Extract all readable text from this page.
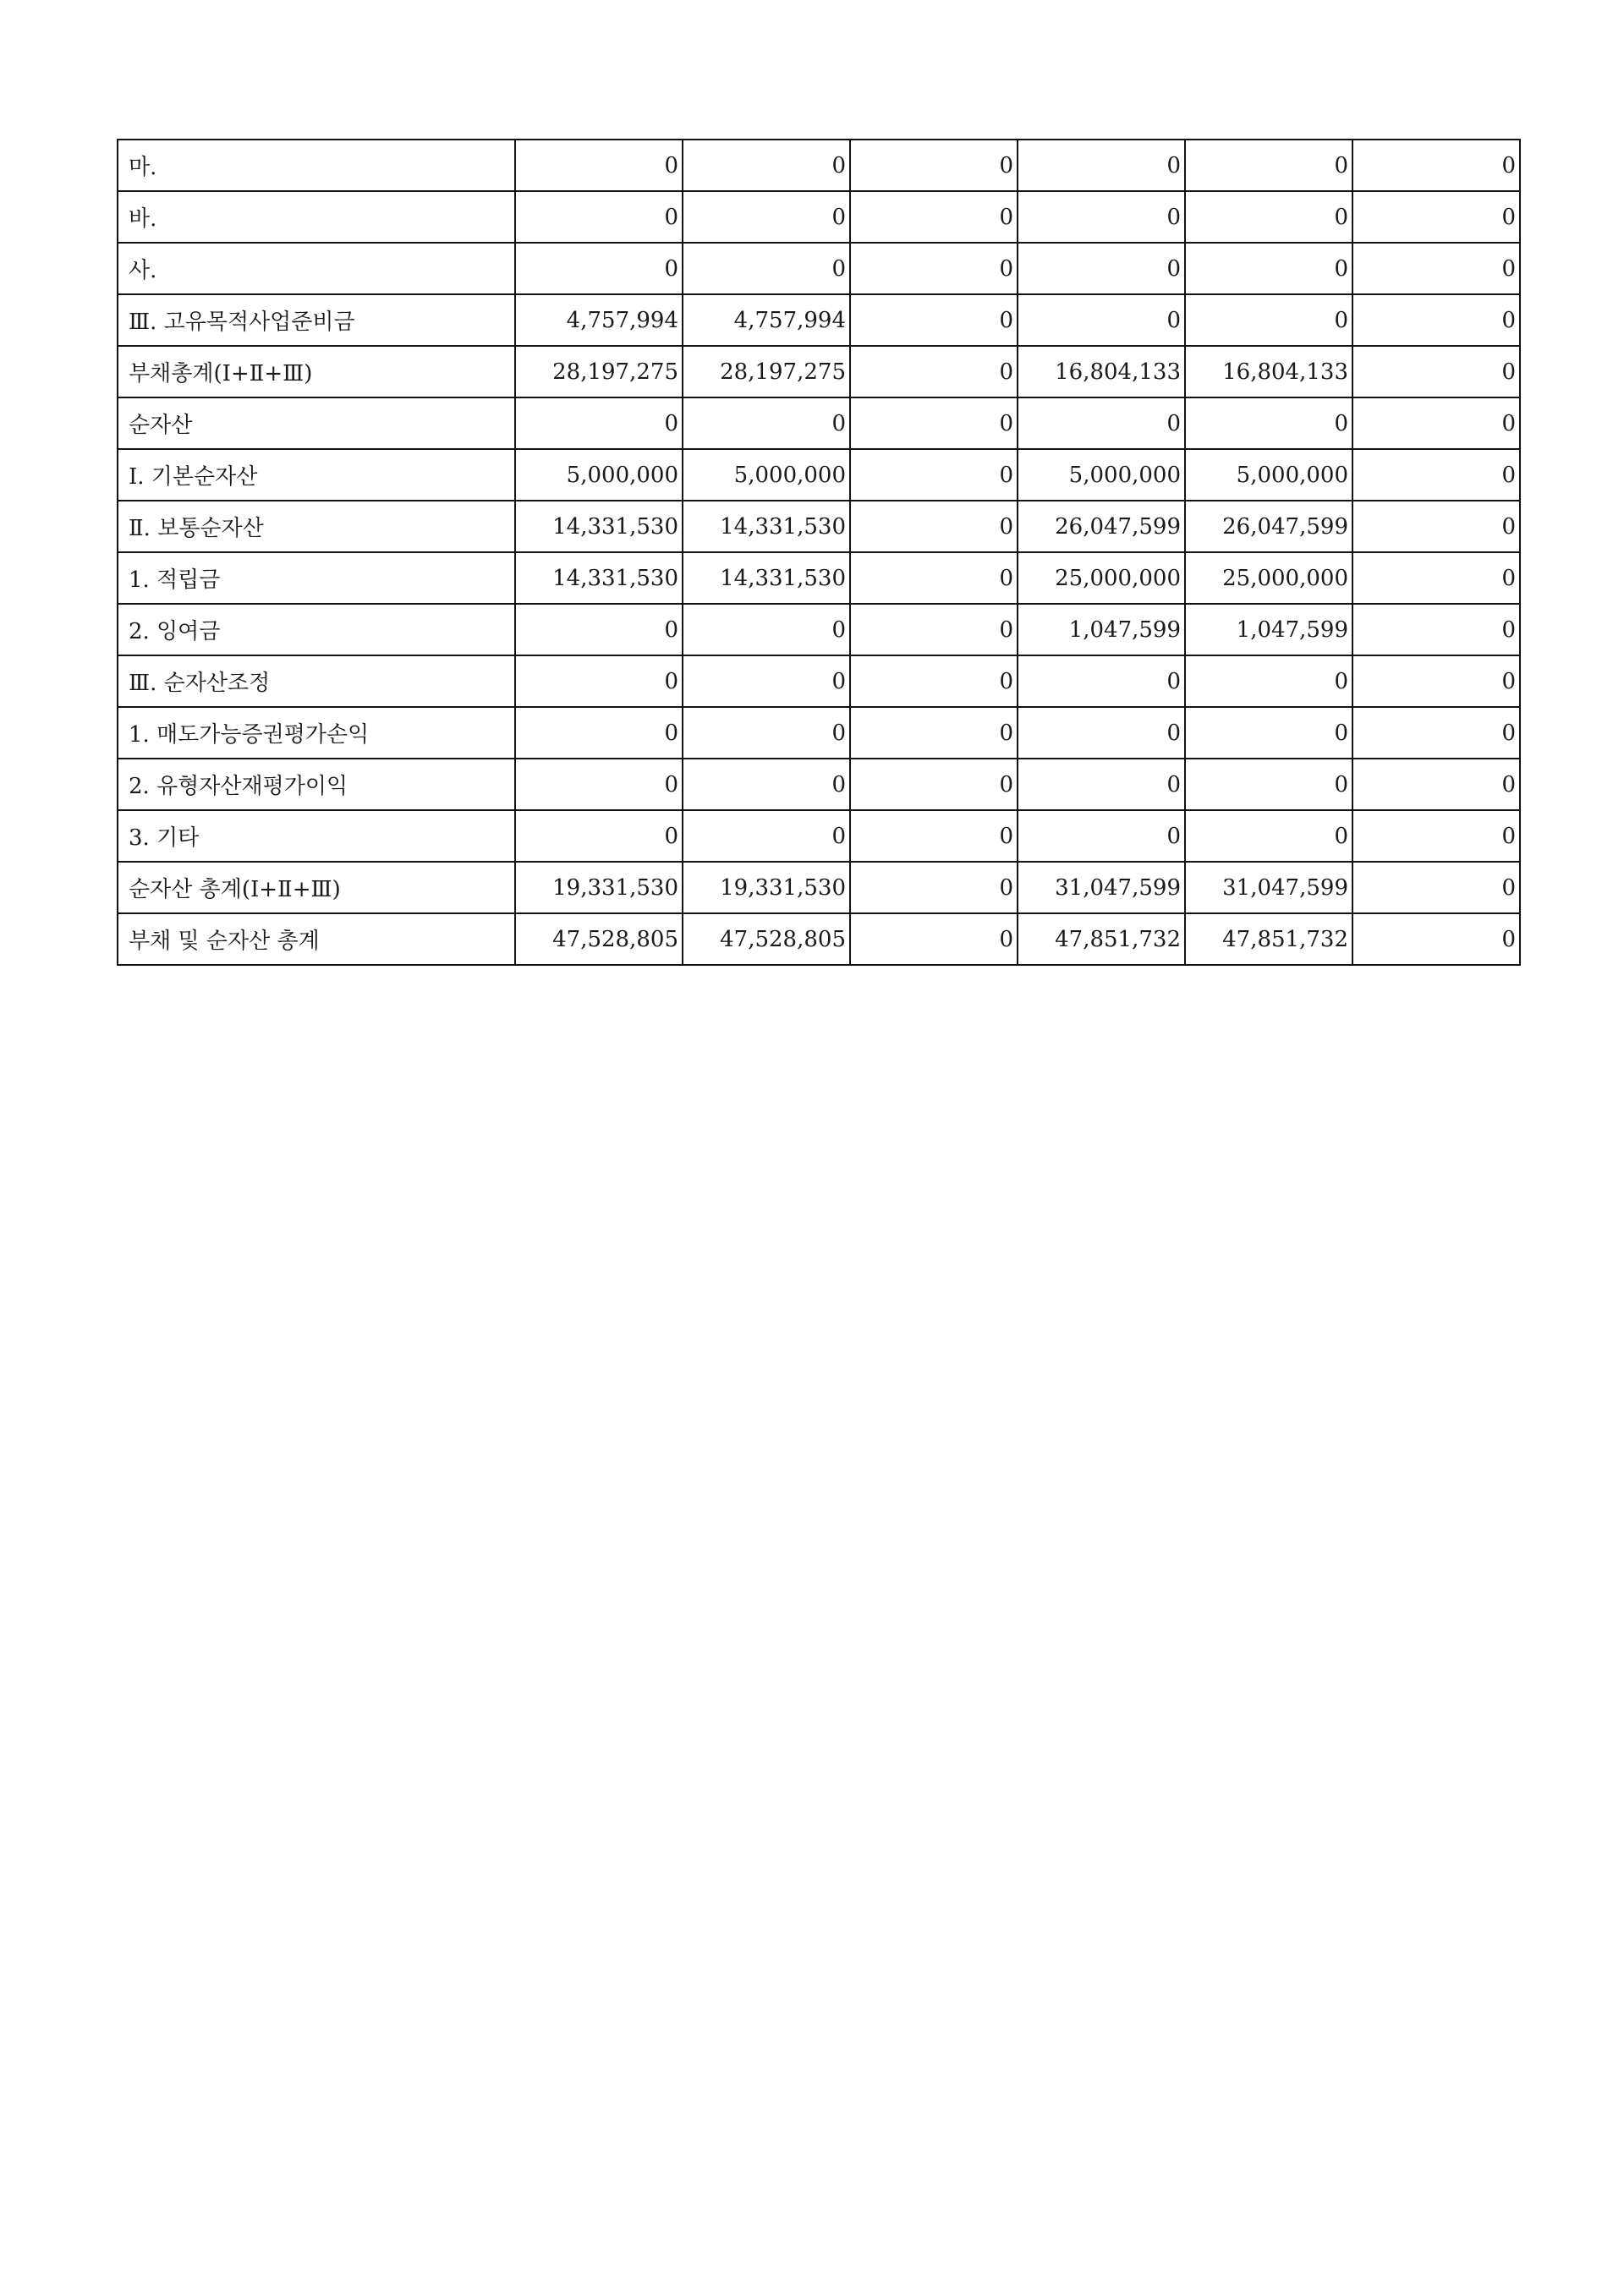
마.	0	0	0	0	0	0
바.	0	0	0	0	0	0
사.	0	0	0	0	0	0
Ⅲ. 고유목적사업준비금	4,757,994	4,757,994	0	0	0	0
부채총계(Ⅰ+Ⅱ+Ⅲ)	28,197,275	28,197,275	0	16,804,133	16,804,133	0
순자산	0	0	0	0	0	0
Ⅰ. 기본순자산	5,000,000	5,000,000	0	5,000,000	5,000,000	0
Ⅱ. 보통순자산	14,331,530	14,331,530	0	26,047,599	26,047,599	0
1. 적립금	14,331,530	14,331,530	0	25,000,000	25,000,000	0
2. 잉여금	0	0	0	1,047,599	1,047,599	0
Ⅲ. 순자산조정	0	0	0	0	0	0
1. 매도가능증권평가손익	0	0	0	0	0	0
2. 유형자산재평가이익	0	0	0	0	0	0
3. 기타	0	0	0	0	0	0
순자산 총계(Ⅰ+Ⅱ+Ⅲ)	19,331,530	19,331,530	0	31,047,599	31,047,599	0
부채 및 순자산 총계	47,528,805	47,528,805	0	47,851,732	47,851,732	0
